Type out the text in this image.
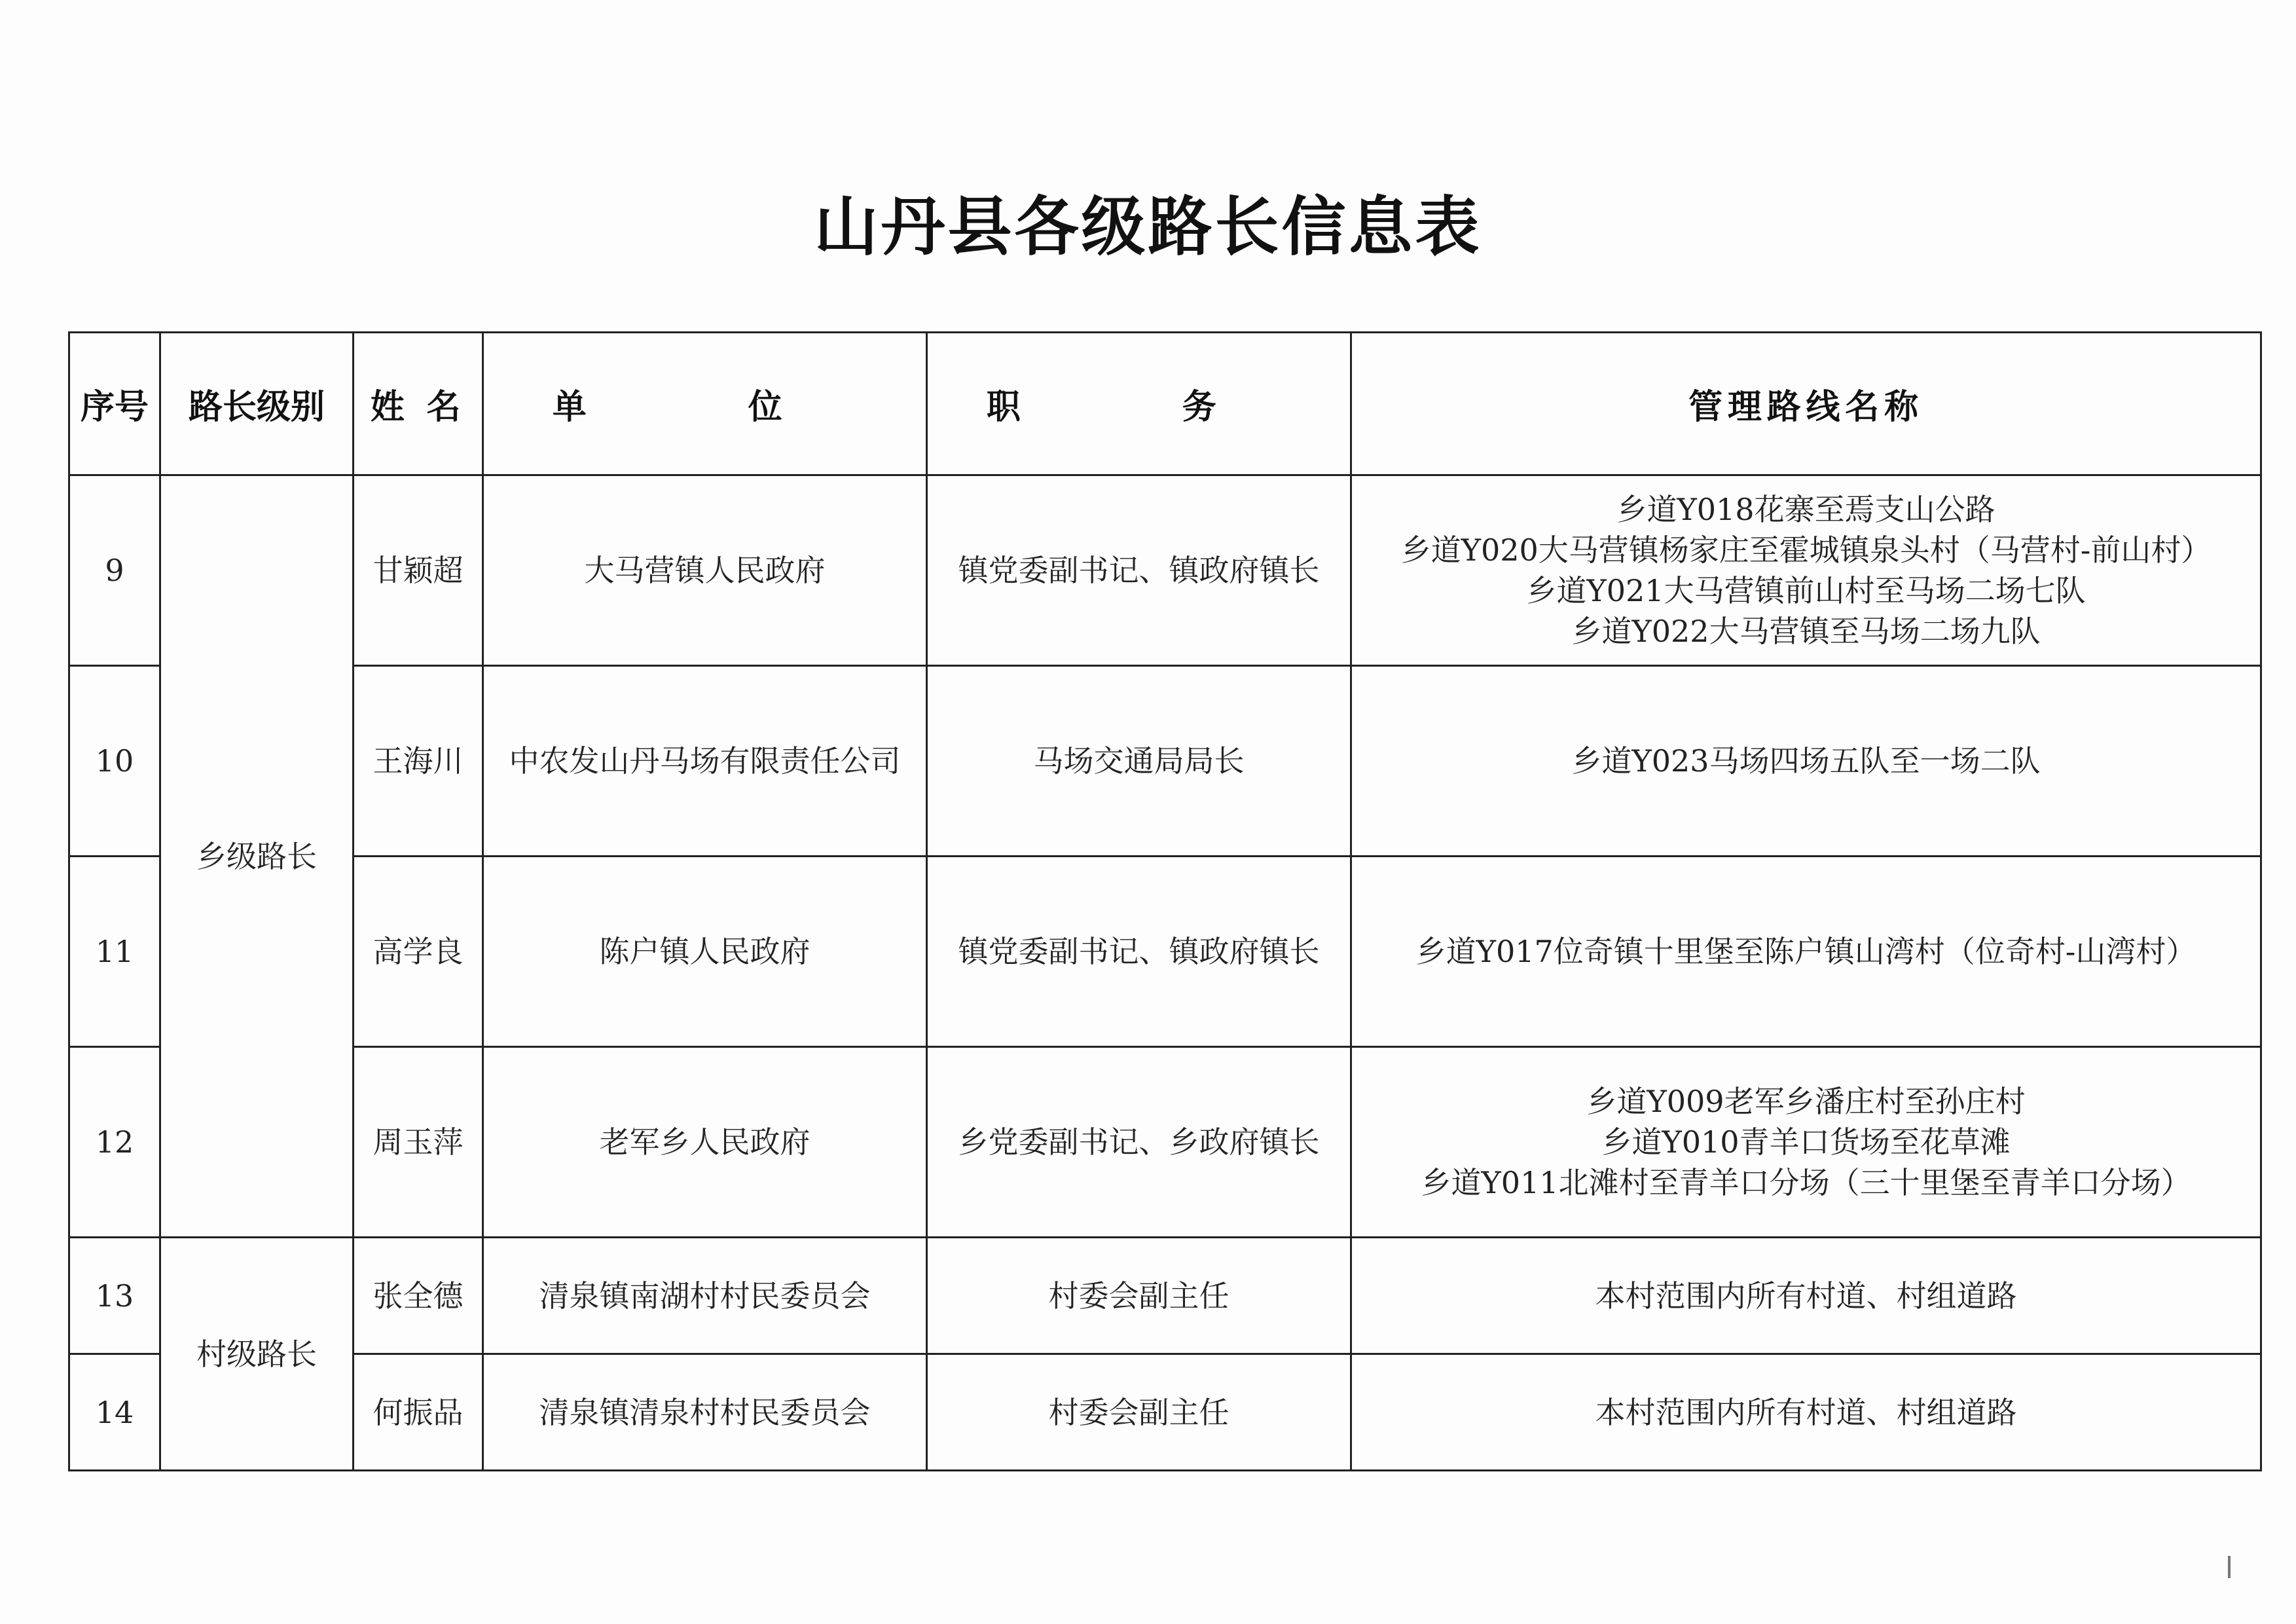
山丹县各级路长信息表
序号	路长级别	姓 名	单 位	职 务	管理路线名称
9	乡级路长	甘颖超	大马营镇人民政府	镇党委副书记、镇政府镇长	乡道Y018花寨至焉支山公路
乡道Y020大马营镇杨家庄至霍城镇泉头村（马营村-前山村）
乡道Y021大马营镇前山村至马场二场七队
乡道Y022大马营镇至马场二场九队

10		王海川	中农发山丹马场有限责任公司	马场交通局局长	乡道Y023马场四场五队至一场二队

11		高学良	陈户镇人民政府	镇党委副书记、镇政府镇长	乡道Y017位奇镇十里堡至陈户镇山湾村（位奇村-山湾村）

12		周玉萍	老军乡人民政府	乡党委副书记、乡政府镇长	乡道Y009老军乡潘庄村至孙庄村
乡道Y010青羊口货场至花草滩
乡道Y011北滩村至青羊口分场（三十里堡至青羊口分场）

13	村级路长	张全德	清泉镇南湖村村民委员会	村委会副主任	本村范围内所有村道、村组道路

14		何振品	清泉镇清泉村村民委员会	村委会副主任	本村范围内所有村道、村组道路
